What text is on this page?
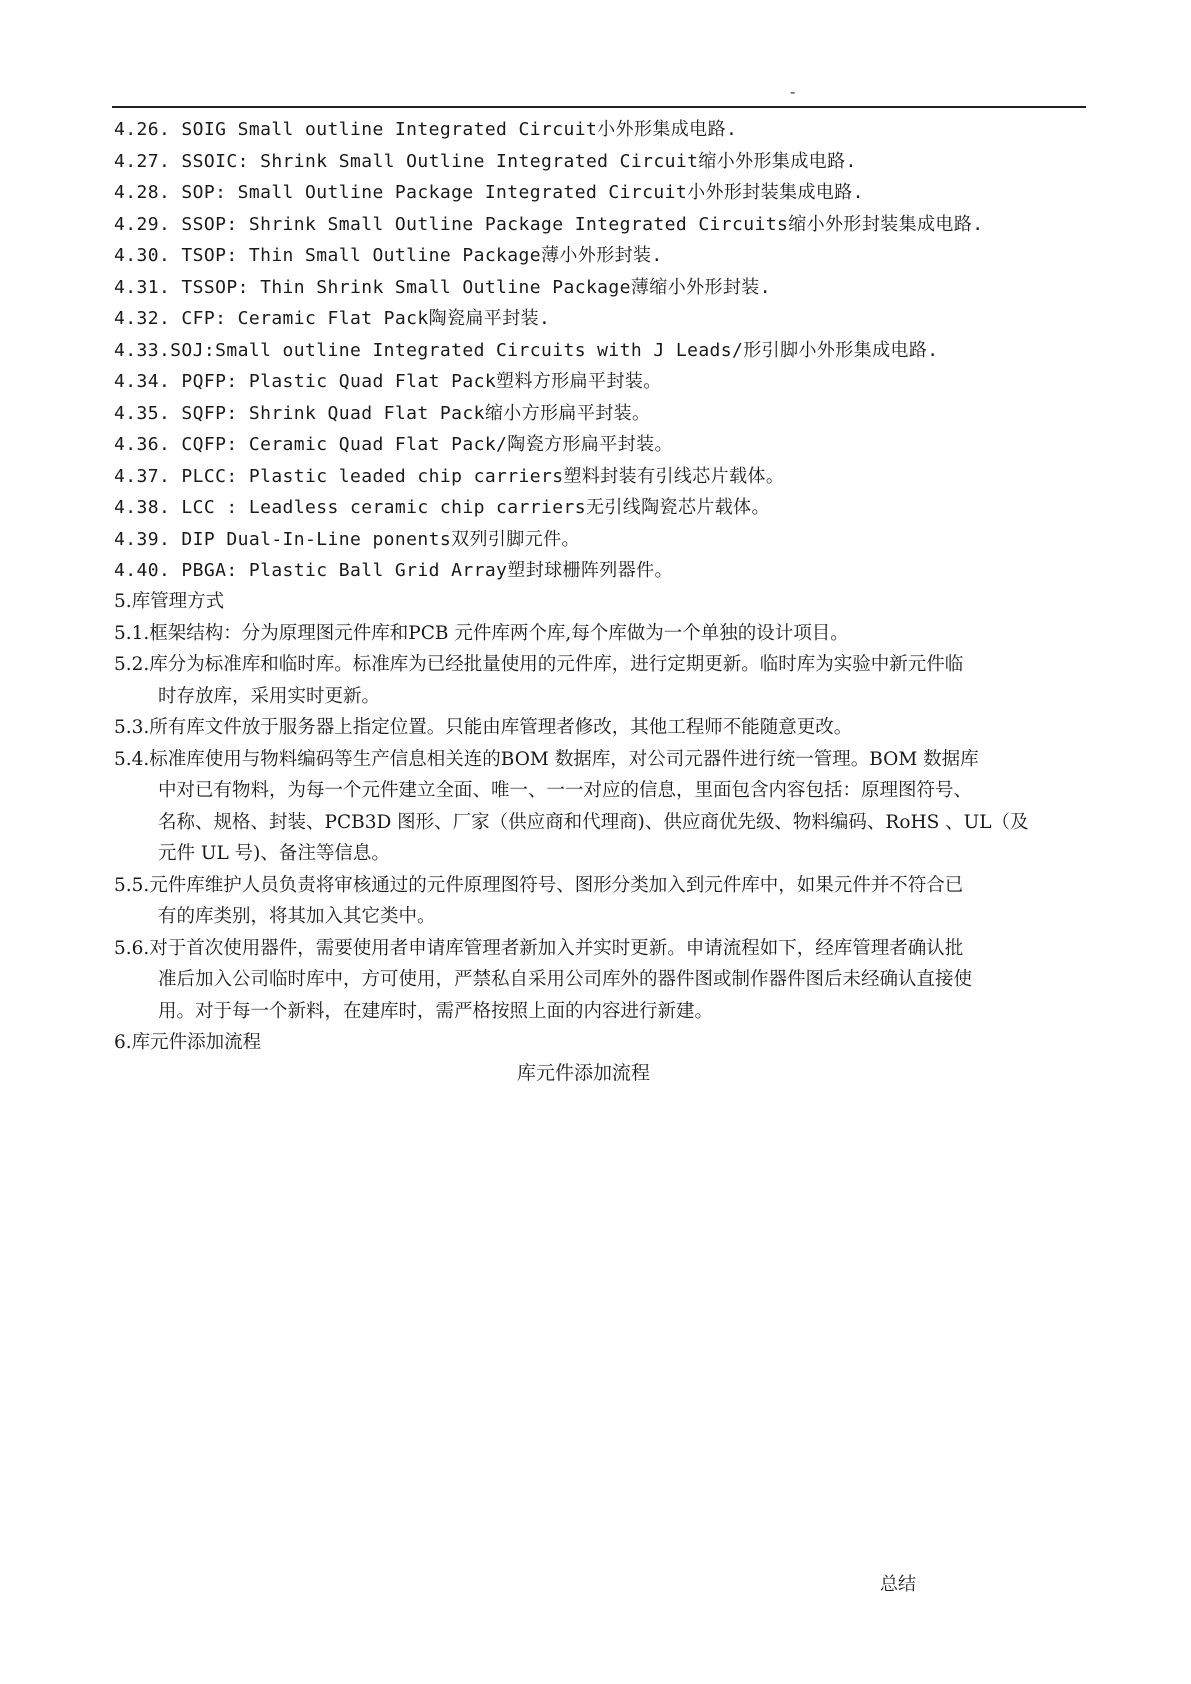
-
4.26. SOIG Small outline Integrated Circuit小外形集成电路.
4.27. SSOIC: Shrink Small Outline Integrated Circuit缩小外形集成电路.
4.28. SOP: Small Outline Package Integrated Circuit小外形封装集成电路.
4.29. SSOP: Shrink Small Outline Package Integrated Circuits缩小外形封装集成电路.
4.30. TSOP: Thin Small Outline Package薄小外形封装.
4.31. TSSOP: Thin Shrink Small Outline Package薄缩小外形封装.
4.32. CFP: Ceramic Flat Pack陶瓷扁平封装.
4.33.SOJ:Small outline Integrated Circuits with J Leads/形引脚小外形集成电路.
4.34. PQFP: Plastic Quad Flat Pack塑料方形扁平封装。
4.35. SQFP: Shrink Quad Flat Pack缩小方形扁平封装。
4.36. CQFP: Ceramic Quad Flat Pack/陶瓷方形扁平封装。
4.37. PLCC: Plastic leaded chip carriers塑料封装有引线芯片载体。
4.38. LCC : Leadless ceramic chip carriers无引线陶瓷芯片载体。
4.39. DIP Dual-In-Line ponents双列引脚元件。
4.40. PBGA: Plastic Ball Grid Array塑封球栅阵列器件。
5.库管理方式
5.1.框架结构：分为原理图元件库和PCB 元件库两个库,每个库做为一个单独的设计项目。
5.2.库分为标准库和临时库。标准库为已经批量使用的元件库，进行定期更新。临时库为实验中新元件临
时存放库，采用实时更新。
5.3.所有库文件放于服务器上指定位置。只能由库管理者修改，其他工程师不能随意更改。
5.4.标准库使用与物料编码等生产信息相关连的BOM 数据库，对公司元器件进行统一管理。BOM 数据库
中对已有物料，为每一个元件建立全面、唯一、一一对应的信息，里面包含内容包括：原理图符号、
名称、规格、封装、PCB3D 图形、厂家（供应商和代理商)、供应商优先级、物料编码、RoHS 、UL（及
元件 UL 号)、备注等信息。
5.5.元件库维护人员负责将审核通过的元件原理图符号、图形分类加入到元件库中，如果元件并不符合已
有的库类别，将其加入其它类中。
5.6.对于首次使用器件，需要使用者申请库管理者新加入并实时更新。申请流程如下，经库管理者确认批
准后加入公司临时库中，方可使用，严禁私自采用公司库外的器件图或制作器件图后未经确认直接使
用。对于每一个新料，在建库时，需严格按照上面的内容进行新建。
6.库元件添加流程
库元件添加流程
总结
